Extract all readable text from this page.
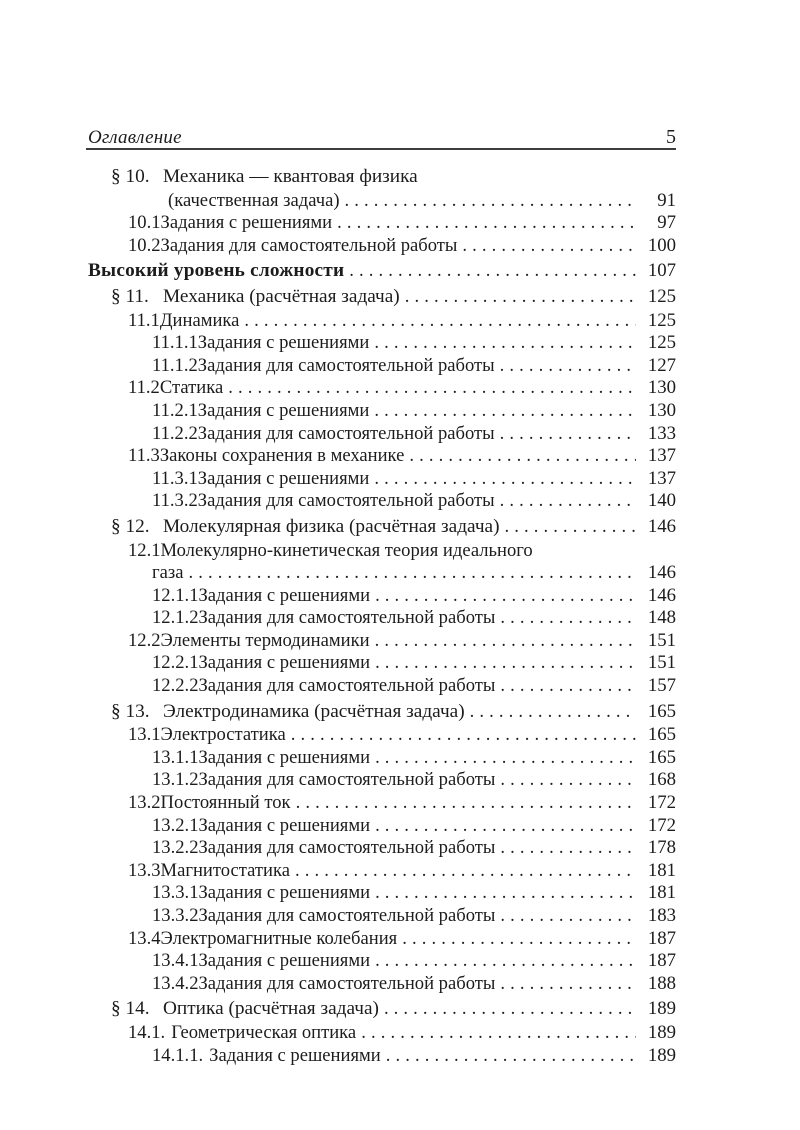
Оглавление	5
§ 10. Механика — квантовая физика
(качественная задача) .....	91
10.1 Задания с решениями .....	97
10.2 Задания для самостоятельной работы .....	100
Высокий уровень сложности .....	107
§ 11. Механика (расчётная задача) .....	125
11.1 Динамика .....	125
11.1.1 Задания с решениями .....	125
11.1.2 Задания для самостоятельной работы .....	127
11.2 Статика .....	130
11.2.1 Задания с решениями .....	130
11.2.2 Задания для самостоятельной работы .....	133
11.3 Законы сохранения в механике .....	137
11.3.1 Задания с решениями .....	137
11.3.2 Задания для самостоятельной работы .....	140
§ 12. Молекулярная физика (расчётная задача) .....	146
12.1 Молекулярно-кинетическая теория идеального
газа .....	146
12.1.1 Задания с решениями .....	146
12.1.2 Задания для самостоятельной работы .....	148
12.2 Элементы термодинамики .....	151
12.2.1 Задания с решениями .....	151
12.2.2 Задания для самостоятельной работы .....	157
§ 13. Электродинамика (расчётная задача) .....	165
13.1 Электростатика .....	165
13.1.1 Задания с решениями .....	165
13.1.2 Задания для самостоятельной работы .....	168
13.2 Постоянный ток .....	172
13.2.1 Задания с решениями .....	172
13.2.2 Задания для самостоятельной работы .....	178
13.3 Магнитостатика .....	181
13.3.1 Задания с решениями .....	181
13.3.2 Задания для самостоятельной работы .....	183
13.4 Электромагнитные колебания .....	187
13.4.1 Задания с решениями .....	187
13.4.2 Задания для самостоятельной работы .....	188
§ 14. Оптика (расчётная задача) .....	189
14.1. Геометрическая оптика .....	189
14.1.1. Задания с решениями .....	189
